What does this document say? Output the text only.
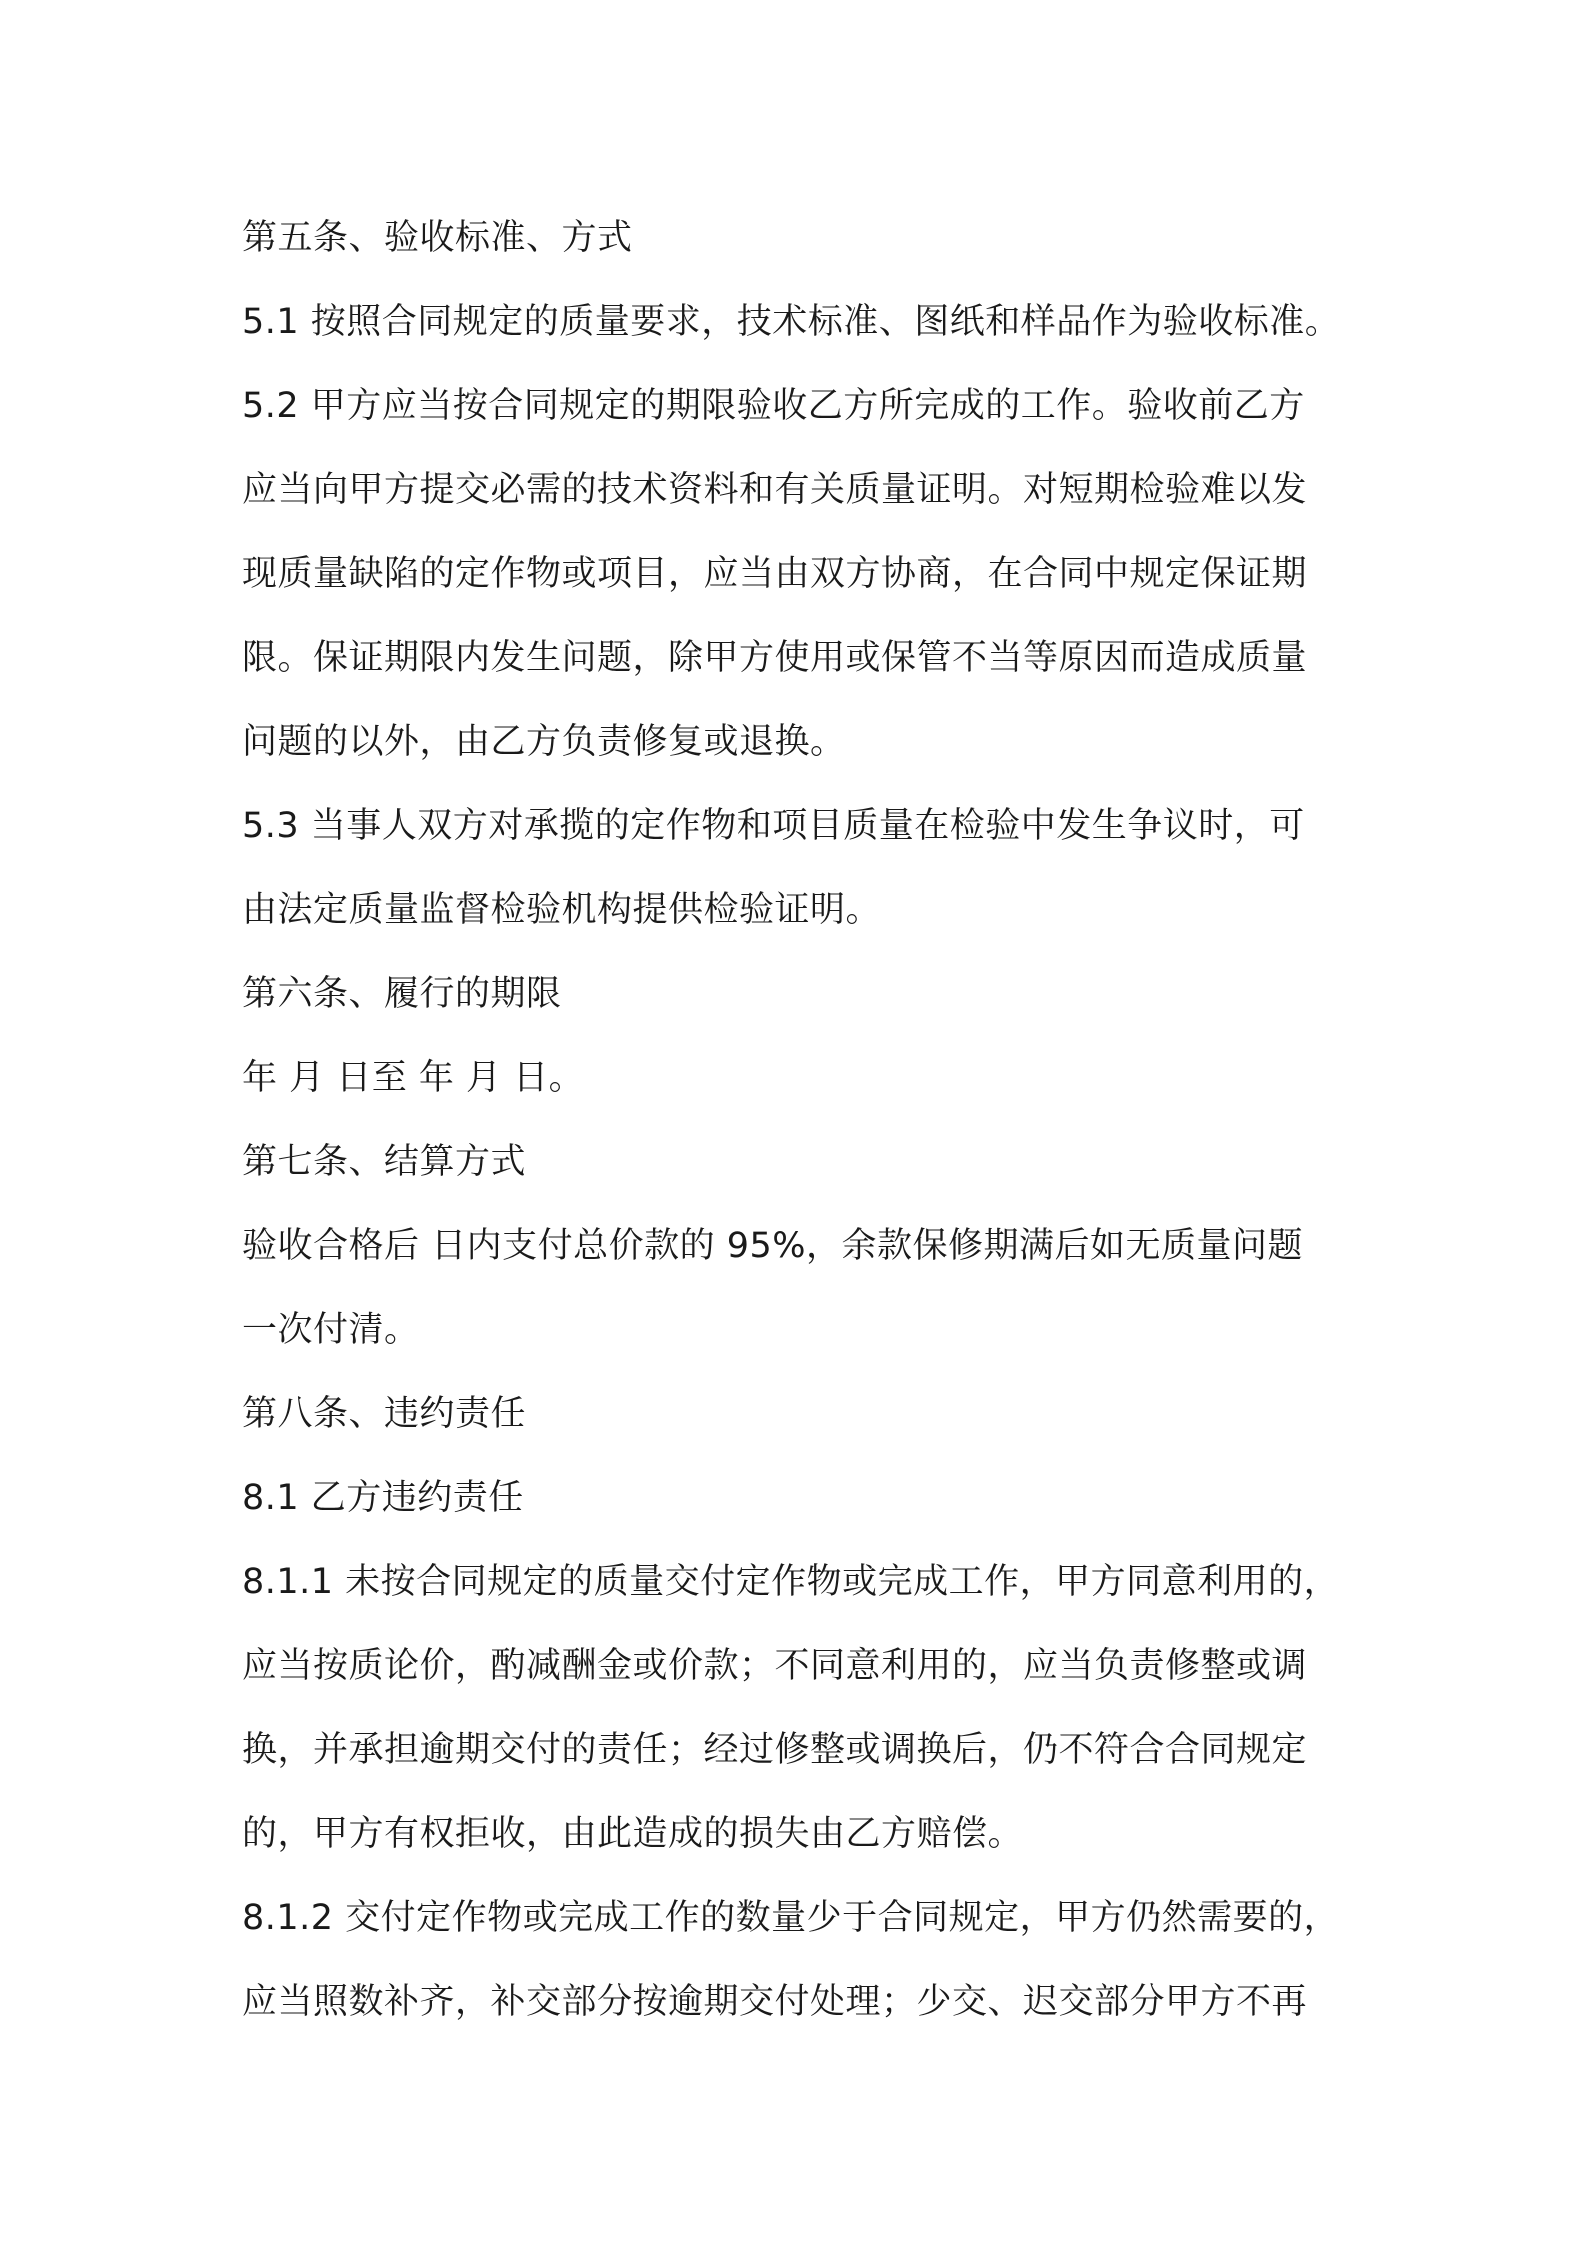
第五条、验收标准、方式
5.1 按照合同规定的质量要求，技术标准、图纸和样品作为验收标准。
5.2 甲方应当按合同规定的期限验收乙方所完成的工作。验收前乙方
应当向甲方提交必需的技术资料和有关质量证明。对短期检验难以发
现质量缺陷的定作物或项目，应当由双方协商，在合同中规定保证期
限。保证期限内发生问题，除甲方使用或保管不当等原因而造成质量
问题的以外，由乙方负责修复或退换。
5.3 当事人双方对承揽的定作物和项目质量在检验中发生争议时，可
由法定质量监督检验机构提供检验证明。
第六条、履行的期限
年 月 日至 年 月 日。
第七条、结算方式
验收合格后 日内支付总价款的 95%，余款保修期满后如无质量问题
一次付清。
第八条、违约责任
8.1 乙方违约责任
8.1.1 未按合同规定的质量交付定作物或完成工作，甲方同意利用的，
应当按质论价，酌减酬金或价款；不同意利用的，应当负责修整或调
换，并承担逾期交付的责任；经过修整或调换后，仍不符合合同规定
的，甲方有权拒收，由此造成的损失由乙方赔偿。
8.1.2 交付定作物或完成工作的数量少于合同规定，甲方仍然需要的，
应当照数补齐，补交部分按逾期交付处理；少交、迟交部分甲方不再
